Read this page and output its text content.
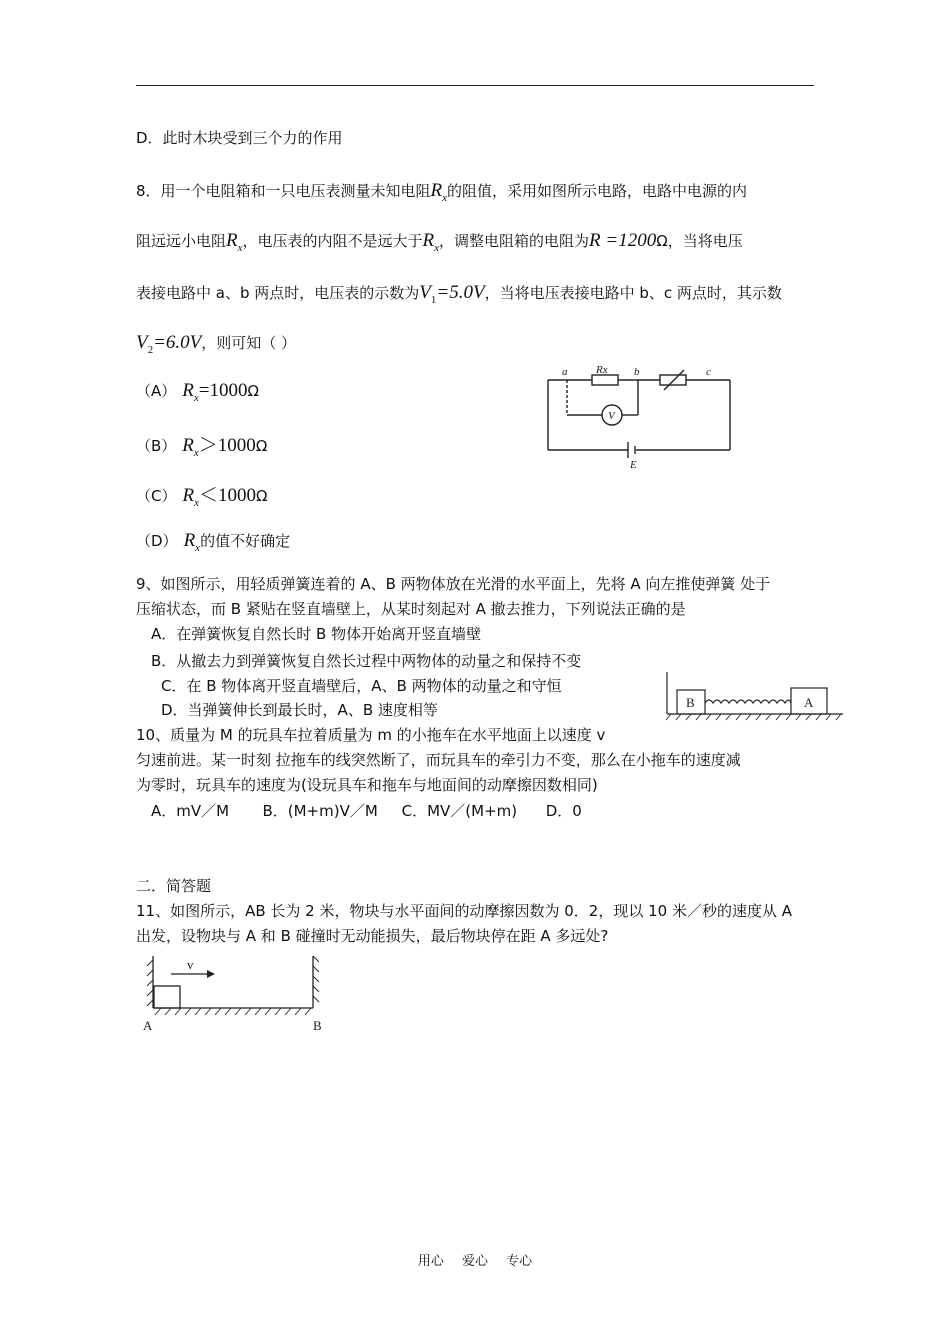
D．此时木块受到三个力的作用
8．用一个电阻箱和一只电压表测量未知电阻$R_x$的阻值，采用如图所示电路，电路中电源的内
阻远远小电阻$R_x$，电压表的内阻不是远大于$R_x$，调整电阻箱的电阻为R =1200Ω，当将电压
表接电路中 a、b 两点时，电压表的示数为$V_1=5.0V$，当将电压表接电路中 b、c 两点时，其示数
$V_2=6.0V$，则可知（ ）
（A） $R_x=1000\Omega$
（B） $R_x>1000\Omega$
（C） $R_x<1000\Omega$
（D） $R_x$的值不好确定
a	Rx b	c
V
E
9、如图所示，用轻质弹簧连着的 A、B 两物体放在光滑的水平面上，先将 A 向左推使弹簧 处于
压缩状态，而 B 紧贴在竖直墙壁上，从某时刻起对 A 撤去推力，下列说法正确的是
A．在弹簧恢复自然长时 B 物体开始离开竖直墙壁
B．从撤去力到弹簧恢复自然长过程中两物体的动量之和保持不变
C．在 B 物体离开竖直墙壁后，A、B 两物体的动量之和守恒
D．当弹簧伸长到最长时，A、B 速度相等	B	A
10、质量为 M 的玩具车拉着质量为 m 的小拖车在水平地面上以速度 v
匀速前进。某一时刻 拉拖车的线突然断了，而玩具车的牵引力不变，那么在小拖车的速度减
为零时，玩具车的速度为(设玩具车和拖车与地面间的动摩擦因数相同)
A．mV／M       B．(M+m)V／M     C．MV／(M+m)      D．0
二．简答题
11、如图所示，AB 长为 2 米，物块与水平面间的动摩擦因数为 0．2，现以 10 米／秒的速度从 A
出发，设物块与 A 和 B 碰撞时无动能损失，最后物块停在距 A 多远处?
v
A	B
用心 爱心 专心
